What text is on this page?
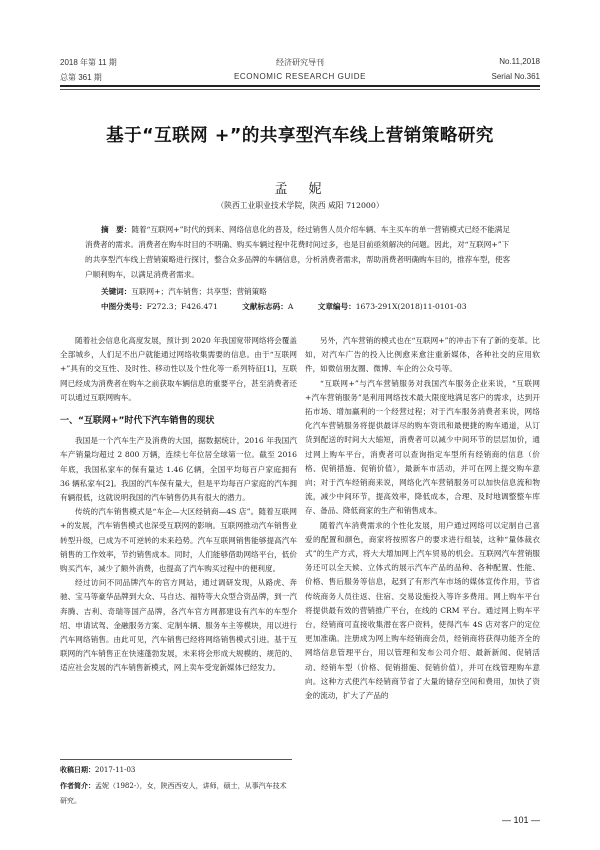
2018 年第 11 期
总第 361 期
经济研究导刊
ECONOMIC RESEARCH GUIDE
No.11,2018
Serial No.361
基于“互联网 +”的共享型汽车线上营销策略研究
孟　妮
（陕西工业职业技术学院，陕西 咸阳 712000）
摘　要：随着“互联网+”时代的到来、网络信息化的普及，经过销售人员介绍车辆、车主买车的单一营销模式已经不能满足消费者的需求。消费者在购车时目的不明确、购买车辆过程中花费时间过多，也是目前亟须解决的问题。因此，对“互联网+”下的共享型汽车线上营销策略进行探讨，整合众多品牌的车辆信息，分析消费者需求，帮助消费者明确购车目的，推荐车型，使客户顺利购车，以满足消费者需求。
关键词：互联网+；汽车销售；共享型；营销策略
中图分类号：F272.3；F426.471	文献标志码：A	文章编号：1673-291X(2018)11-0101-03

随着社会信息化高度发展，预计到 2020 年我国宽带网络将会覆盖全部城乡，人们足不出户就能通过网络收集需要的信息。由于“互联网+”具有的交互性、及时性、移动性以及个性化等一系列特征[1]，互联网已经成为消费者在购车之前获取车辆信息的重要平台，甚至消费者还可以通过互联网购车。

一、“互联网+”时代下汽车销售的现状

我国是一个汽车生产及消费的大国，据数据统计，2016 年我国汽车产销量均超过 2 800 万辆，连续七年位居全球第一位。截至 2016 年底，我国私家车的保有量达 1.46 亿辆，全国平均每百户家庭拥有 36 辆私家车[2]。我国的汽车保有量大，但是平均每百户家庭的汽车拥有辆很低，这就说明我国的汽车销售仍具有很大的潜力。

传统的汽车销售模式是“车企—大区经销商—4S 店”。随着互联网+的发展，汽车销售模式也深受互联网的影响。互联网推动汽车销售业转型升级，已成为不可逆转的未来趋势。汽车互联网销售能够提高汽车销售的工作效率，节约销售成本。同时，人们能够借助网络平台，低价购买汽车，减少了额外消费，也提高了汽车购买过程中的便利度。

经过访问不同品牌汽车的官方网站，通过调研发现，从路虎、奔驰、宝马等豪华品牌到大众、马自达、福特等大众型合资品牌，到一汽奔腾、吉利、奇瑞等国产品牌，各汽车官方网都建设有汽车的车型介绍、申请试驾、金融服务方案、定制车辆、服务车主等模块，用以进行汽车网络销售。由此可见，汽车销售已经将网络销售模式引进。基于互联网的汽车销售正在快速蓬勃发展，未来将会形成大规模的、规范的、适应社会发展的汽车销售新模式，网上卖车受宠新媒体已经发力。

收稿日期：2017-11-03
作者简介：孟妮（1982-），女，陕西西安人，讲师，硕士，从事汽车技术研究。

另外，汽车营销的模式也在“互联网+”的冲击下有了新的变革。比如，对汽车广告的投入比例愈来愈注重新媒体，各种社交的应用软件，如微信朋友圈、微博、车企的公众号等。

“互联网+”与汽车营销服务对我国汽车服务企业来说，“互联网+汽车营销服务”是利用网络技术最大限度地满足客户的需求，达到开拓市场、增加赢利的一个经营过程；对于汽车服务消费者来说，网络化汽车营销服务将提供最详尽的购车资讯和最便捷的购车通道，从订货到配送的时间大大缩短，消费者可以减少中间环节的层层加价，通过网上购车平台，消费者可以查询指定车型所有经销商的信息（价格、促销措施、促销价值），最新车市活动，并可在网上提交购车意向；对于汽车经销商来说，网络化汽车营销服务可以加快信息流和物流，减少中间环节，提高效率，降低成本，合理、及时地调整整车库存、备品、降低商家的生产和销售成本。

随着汽车消费需求的个性化发展，用户通过网络可以定制自己喜爱的配置和颜色，商家将按照客户的要求进行组装，这种“量体裁衣式”的生产方式，将大大增加网上汽车贸易的机会。互联网汽车营销服务还可以全天候、立体式的展示汽车产品的品种、各种配置、性能、价格、售后服务等信息，起到了有形汽车市场的媒体宣传作用，节省传统商务人员往返、住宿、交易设施投入等许多费用。网上购车平台将提供最有效的营销推广平台，在线的 CRM 平台。通过网上购车平台，经销商可直接收集潜在客户资料，使得汽车 4S 店对客户的定位更加准确。注册成为网上购车经销商会员，经销商将获得功能齐全的网络信息管理平台，用以管理和发布公司介绍、最新新闻、促销活动、经销车型（价格、促销措施、促销价值），并可在线管理购车意向。这种方式使汽车经销商节省了大量的储存空间和费用，加快了资金的流动，扩大了产品的

— 101 —
